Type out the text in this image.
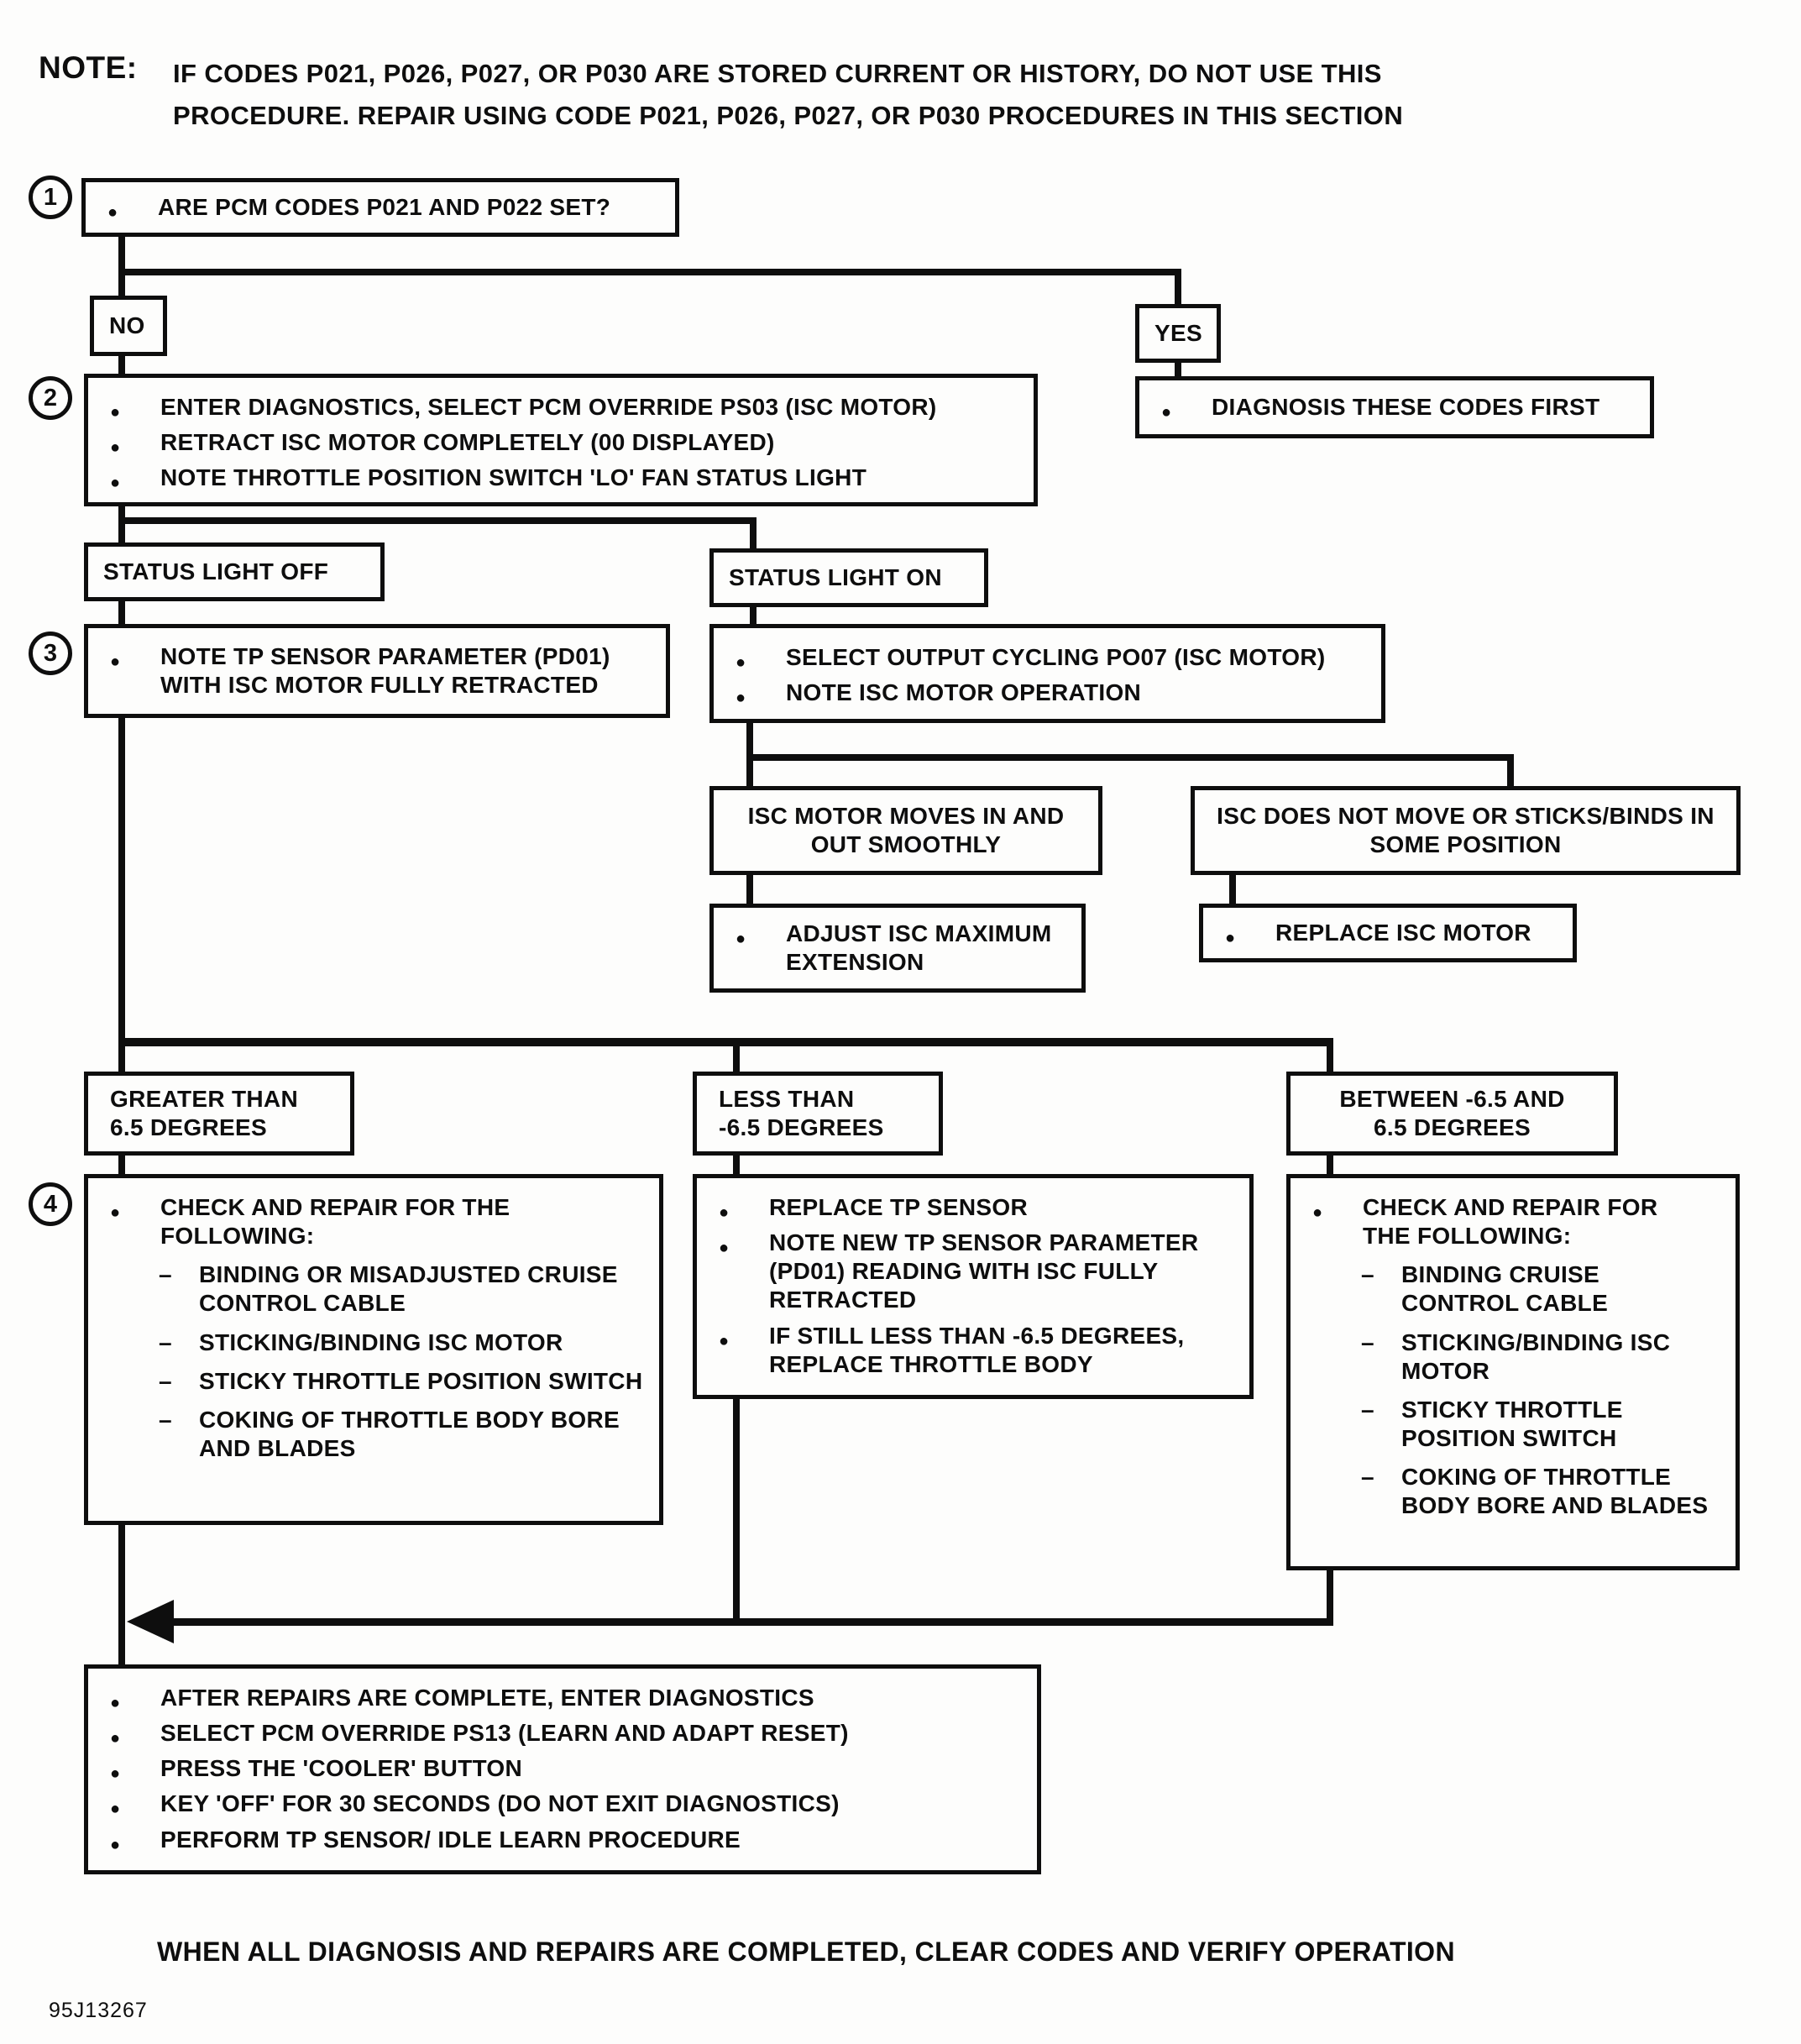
NOTE:	IF CODES P021, P026, P027, OR P030 ARE STORED CURRENT OR HISTORY, DO NOT USE THIS
PROCEDURE. REPAIR USING CODE P021, P026, P027, OR P030 PROCEDURES IN THIS SECTION
1
2
3
4
●
ARE PCM CODES P021 AND P022 SET?
NO	YES
●
ENTER DIAGNOSTICS, SELECT PCM OVERRIDE PS03 (ISC MOTOR)
●
RETRACT ISC MOTOR COMPLETELY (00 DISPLAYED)
●
NOTE THROTTLE POSITION SWITCH 'LO' FAN STATUS LIGHT
●
DIAGNOSIS THESE CODES FIRST
STATUS LIGHT OFF	STATUS LIGHT ON
●
NOTE TP SENSOR PARAMETER (PD01) WITH ISC MOTOR FULLY RETRACTED
●
SELECT OUTPUT CYCLING PO07 (ISC MOTOR)
●
NOTE ISC MOTOR OPERATION
ISC MOTOR MOVES IN AND OUT SMOOTHLY
ISC DOES NOT MOVE OR STICKS/BINDS IN SOME POSITION
●
ADJUST ISC MAXIMUM EXTENSION
●
REPLACE ISC MOTOR
GREATER THAN
6.5 DEGREES
LESS THAN
-6.5 DEGREES
BETWEEN -6.5 AND
6.5 DEGREES
●
CHECK AND REPAIR FOR THE FOLLOWING:
–
BINDING OR MISADJUSTED CRUISE CONTROL CABLE
–
STICKING/BINDING ISC MOTOR
–
STICKY THROTTLE POSITION SWITCH
–
COKING OF THROTTLE BODY BORE AND BLADES
●
REPLACE TP SENSOR
●
NOTE NEW TP SENSOR PARAMETER (PD01) READING WITH ISC FULLY RETRACTED
●
IF STILL LESS THAN -6.5 DEGREES, REPLACE THROTTLE BODY
●
CHECK AND REPAIR FOR THE FOLLOWING:
–
BINDING CRUISE CONTROL CABLE
–
STICKING/BINDING ISC MOTOR
–
STICKY THROTTLE POSITION SWITCH
–
COKING OF THROTTLE BODY BORE AND BLADES
●
AFTER REPAIRS ARE COMPLETE, ENTER DIAGNOSTICS
●
SELECT PCM OVERRIDE PS13 (LEARN AND ADAPT RESET)
●
PRESS THE 'COOLER' BUTTON
●
KEY 'OFF' FOR 30 SECONDS (DO NOT EXIT DIAGNOSTICS)
●
PERFORM TP SENSOR/ IDLE LEARN PROCEDURE
WHEN ALL DIAGNOSIS AND REPAIRS ARE COMPLETED, CLEAR CODES AND VERIFY OPERATION
95J13267
